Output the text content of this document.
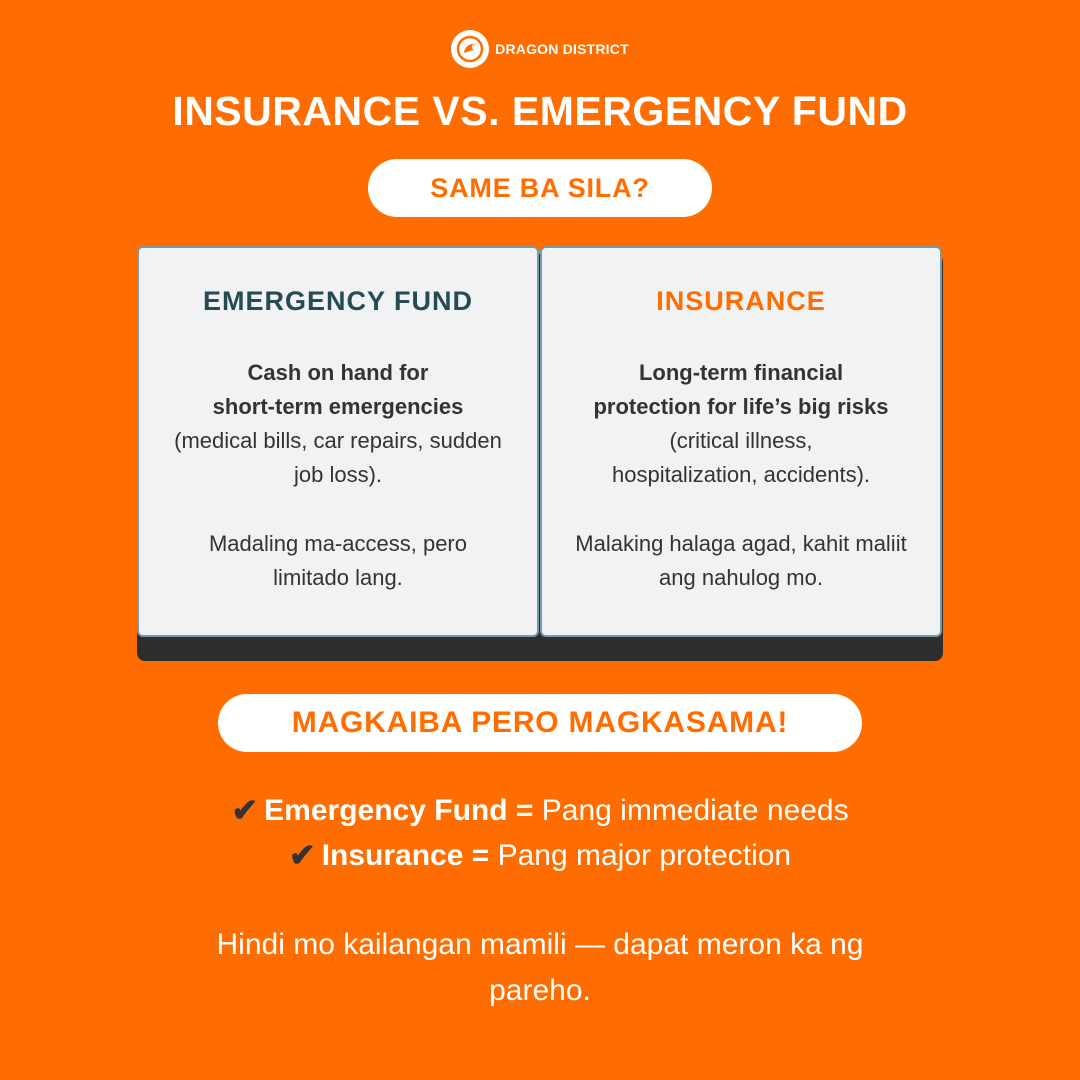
DRAGON DISTRICT
INSURANCE VS. EMERGENCY FUND
SAME BA SILA?
EMERGENCY FUND
Cash on hand for
short-term emergencies
(medical bills, car repairs, sudden job loss).
Madaling ma-access, pero limitado lang.
INSURANCE
Long-term financial
protection for life’s big risks
(critical illness, hospitalization, accidents).
Malaking halaga agad, kahit maliit ang nahulog mo.
MAGKAIBA PERO MAGKASAMA!
✔ Emergency Fund = Pang immediate needs
✔ Insurance = Pang major protection

Hindi mo kailangan mamili — dapat meron ka ng pareho.
